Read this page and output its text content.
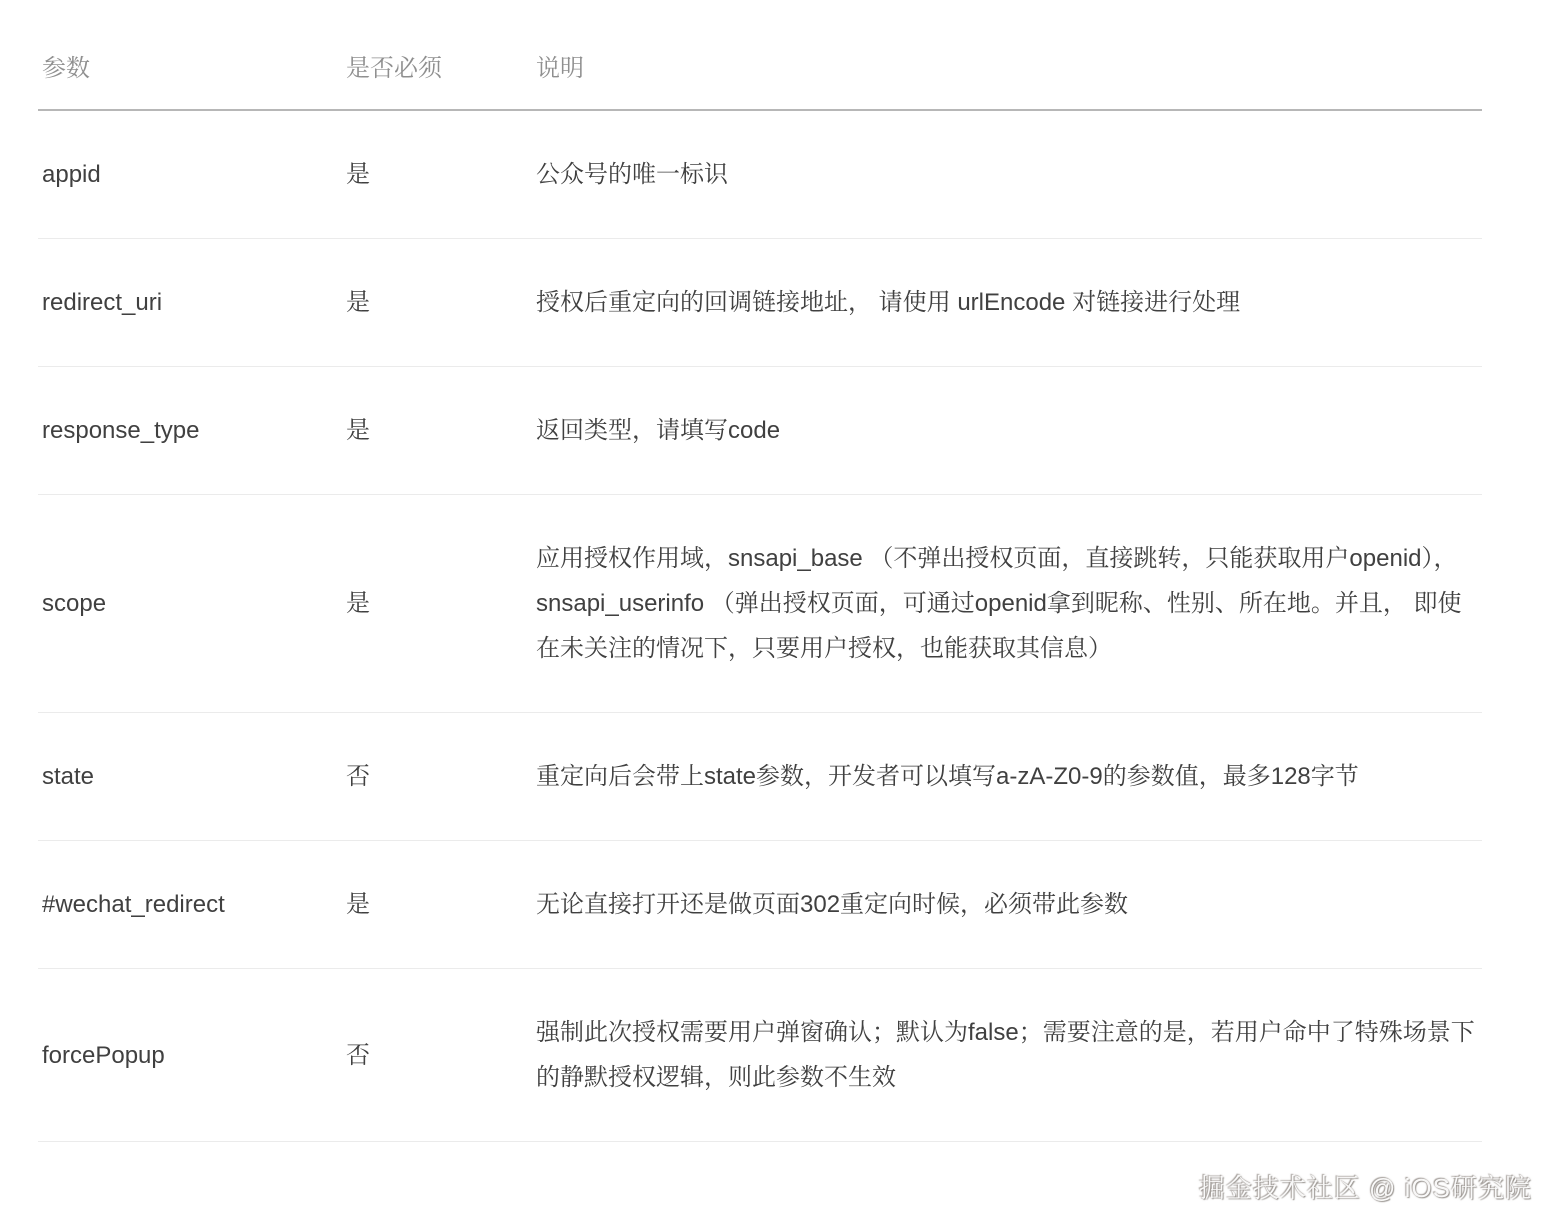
参数	是否必须	说明
appid	是	公众号的唯一标识
redirect_uri	是	授权后重定向的回调链接地址， 请使用 urlEncode 对链接进行处理
response_type	是	返回类型，请填写code
scope	是	应用授权作用域，snsapi_base （不弹出授权页面，直接跳转，只能获取用户openid），snsapi_userinfo （弹出授权页面，可通过openid拿到昵称、性别、所在地。并且， 即使在未关注的情况下，只要用户授权，也能获取其信息）
state	否	重定向后会带上state参数，开发者可以填写a-zA-Z0-9的参数值，最多128字节
#wechat_redirect	是	无论直接打开还是做页面302重定向时候，必须带此参数
forcePopup	否	强制此次授权需要用户弹窗确认；默认为false；需要注意的是，若用户命中了特殊场景下的静默授权逻辑，则此参数不生效
掘金技术社区 @ iOS研究院
